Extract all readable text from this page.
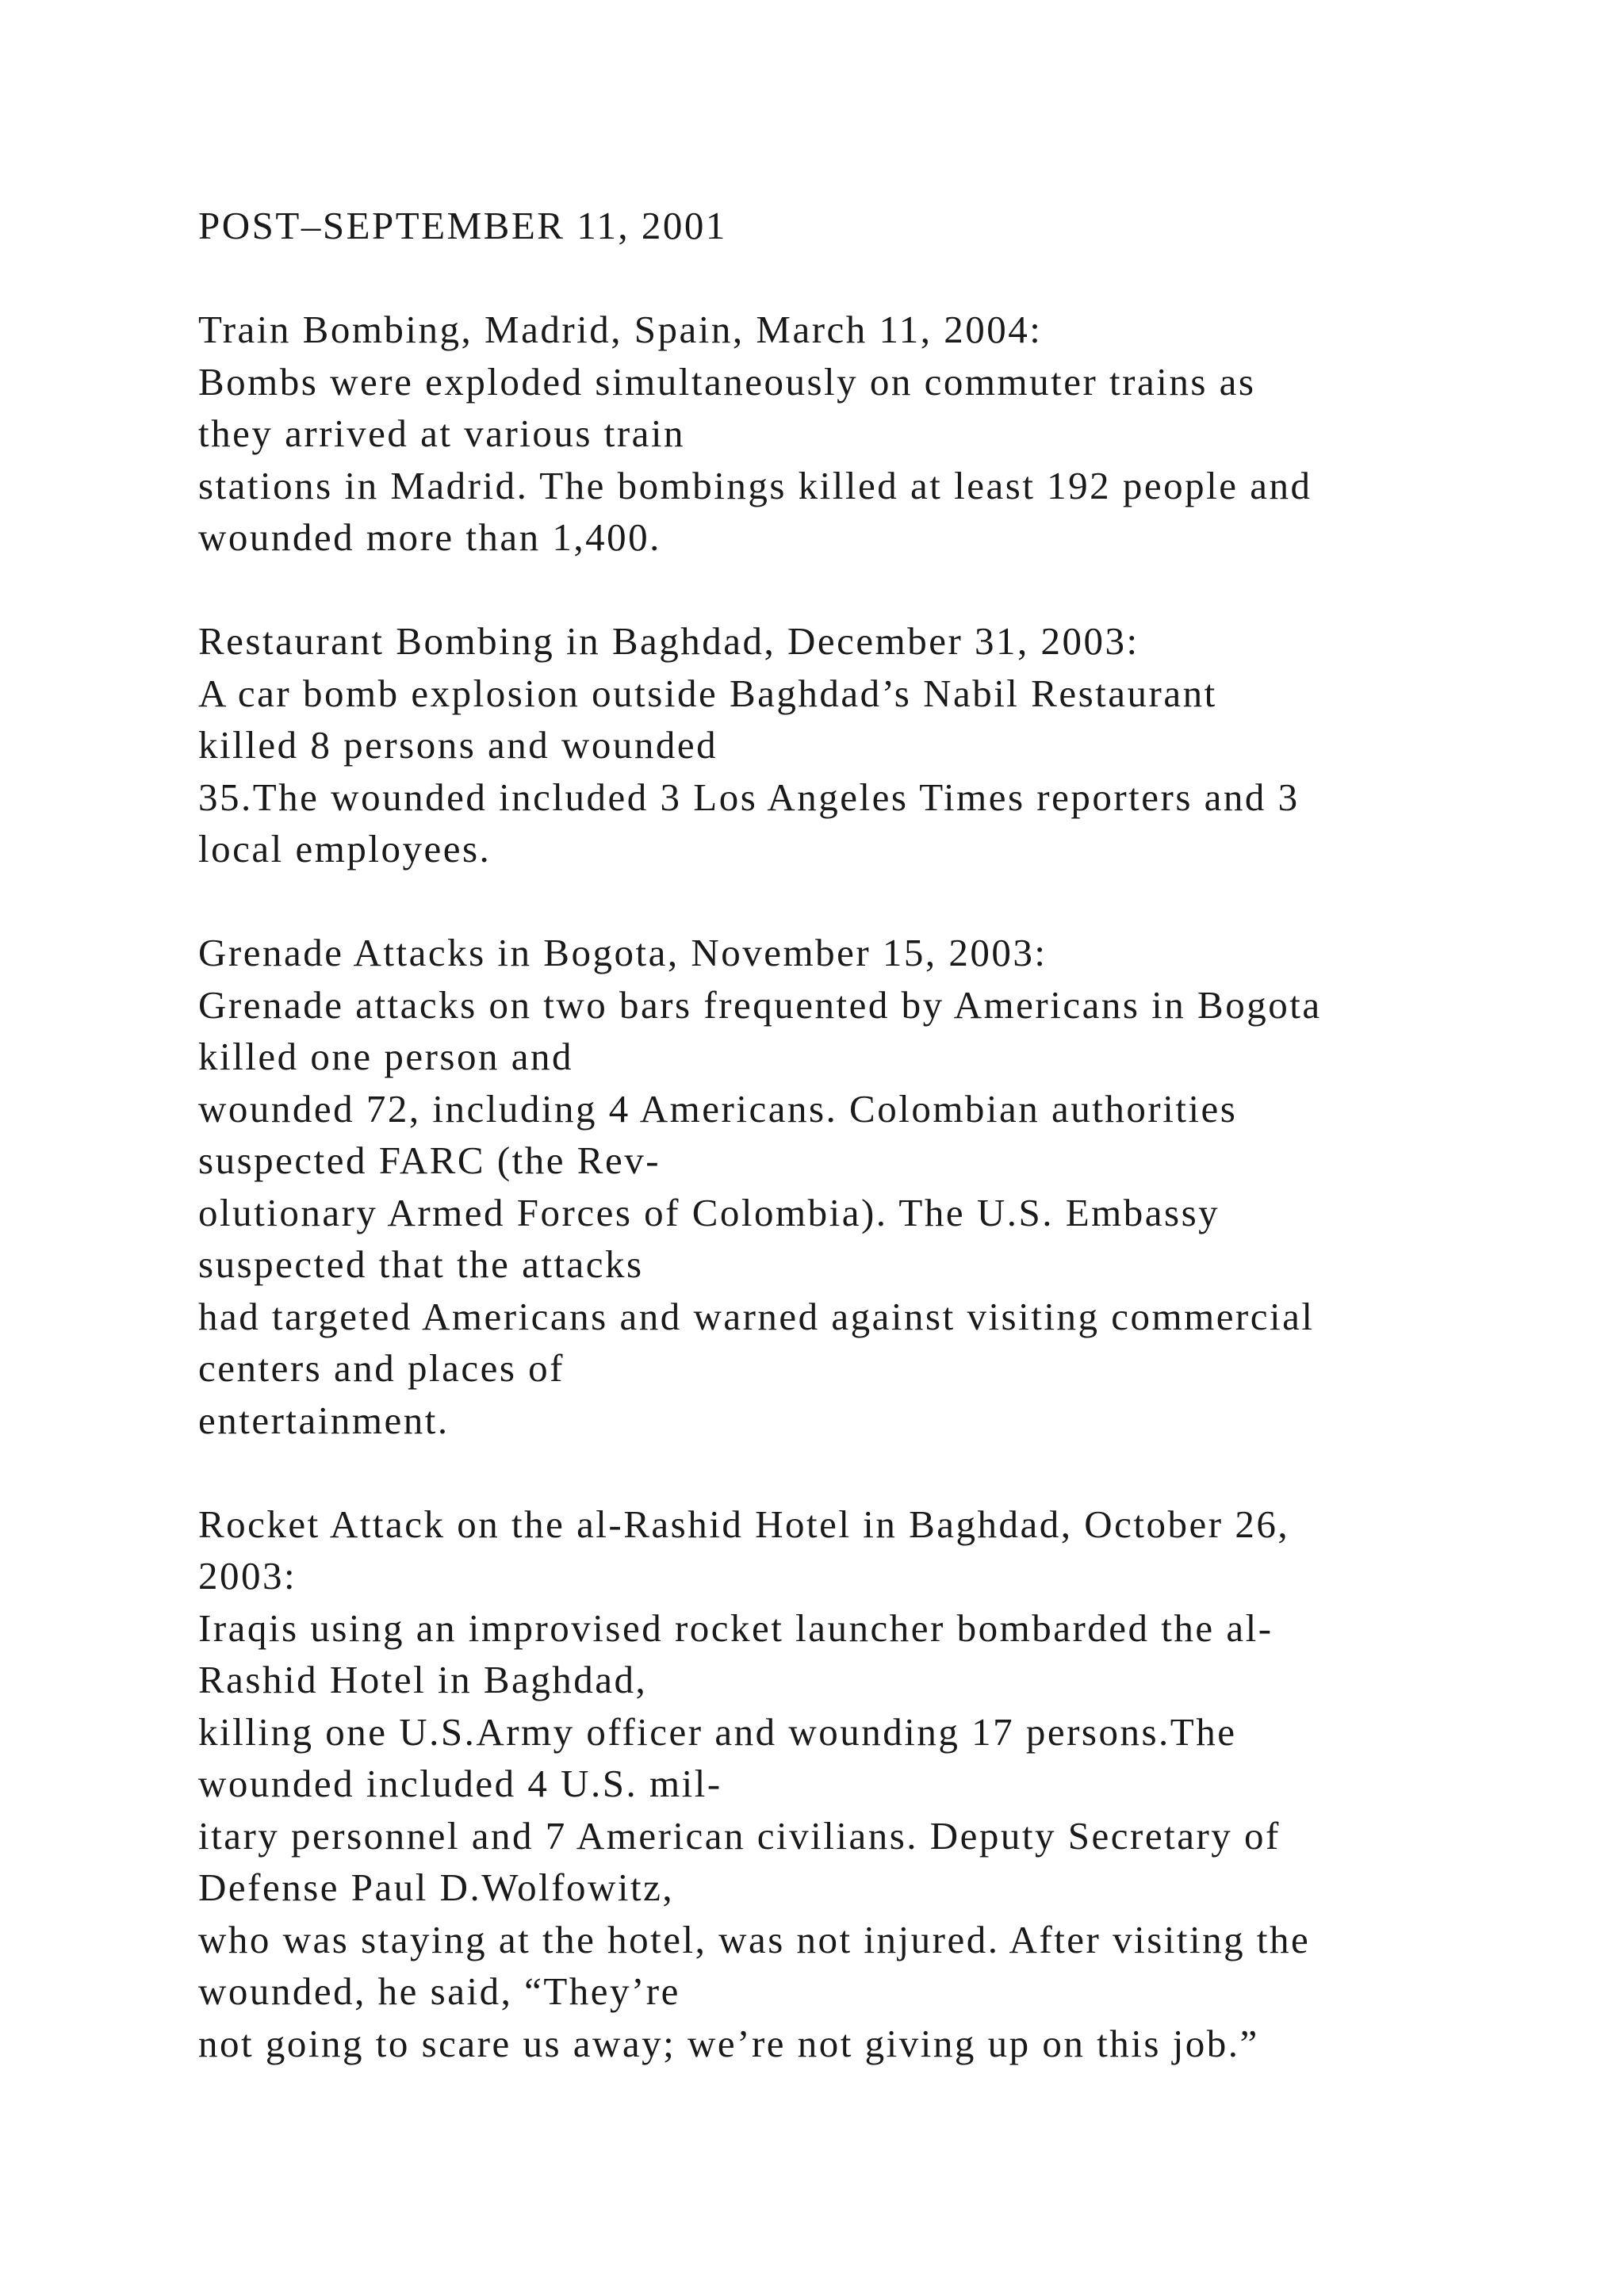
POST–SEPTEMBER 11, 2001
Train Bombing, Madrid, Spain, March 11, 2004:
Bombs were exploded simultaneously on commuter trains as
they arrived at various train
stations in Madrid. The bombings killed at least 192 people and
wounded more than 1,400.
Restaurant Bombing in Baghdad, December 31, 2003:
A car bomb explosion outside Baghdad’s Nabil Restaurant
killed 8 persons and wounded
35.The wounded included 3 Los Angeles Times reporters and 3
local employees.
Grenade Attacks in Bogota, November 15, 2003:
Grenade attacks on two bars frequented by Americans in Bogota
killed one person and
wounded 72, including 4 Americans. Colombian authorities
suspected FARC (the Rev-
olutionary Armed Forces of Colombia). The U.S. Embassy
suspected that the attacks
had targeted Americans and warned against visiting commercial
centers and places of
entertainment.
Rocket Attack on the al-Rashid Hotel in Baghdad, October 26,
2003:
Iraqis using an improvised rocket launcher bombarded the al-
Rashid Hotel in Baghdad,
killing one U.S.Army officer and wounding 17 persons.The
wounded included 4 U.S. mil-
itary personnel and 7 American civilians. Deputy Secretary of
Defense Paul D.Wolfowitz,
who was staying at the hotel, was not injured. After visiting the
wounded, he said, “They’re
not going to scare us away; we’re not giving up on this job.”
